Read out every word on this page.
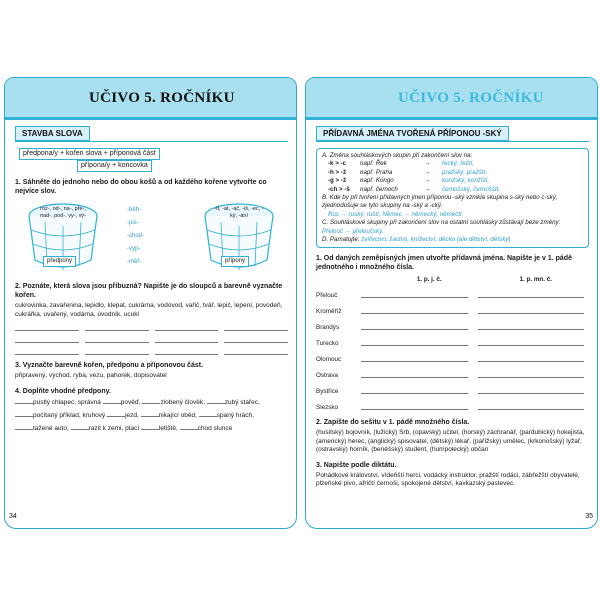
UČIVO 5. ROČNÍKU
STAVBA SLOVA
předpona/y + kořen slova + příponová část
přípona/y + koncovka
1. Sáhněte do jednoho nebo do obou košů a od každého kořene vytvořte co nejvíce slov.
roz-, od-, na-, pře-, nad-, pod-, vy-, vý-
předpony
-běh-
-pis-
-chod-
-vyp-
-měř-
-it, -at, -ač, -iš, -ec, -ký, -ání
přípony
2. Poznáte, která slova jsou příbuzná? Napište je do sloupců a barevně vyznačte kořen.
cukrovinka, zavařenina, lepidlo, klepat, cukrárna, vodovod, vařič, tvář, lepič, lepení, povodeň, cukrářka, uvařený, vodárna, úvodník, ucukl
3. Vyznačte barevně kořen, předponu a příponovou část.
připravený, východ, ryba, vezu, pahorek, dopisovatel
4. Doplňte vhodné předpony.
pustlý chlapec, správná	pověď,	zlobený člověk,	zubý stařec,
počítaný příklad, kruhový	jezd,	nikající oběd,	spaný hrách,
tažené auto,	razit k zemi, ptací	letiště,	chod slunce
34
UČIVO 5. ROČNÍKU
PŘÍDAVNÁ JMÉNA TVOŘENÁ PŘÍPONOU -SKÝ
A. Změna souhláskových skupin při zakončení slov na:
-k > -c	např. Řek	→	řecký, řečtí,
-h > -ž	např. Praha	→	pražský, pražští,
-g > -ž	např. Kongo	→	konžský, konžští,
-ch > -š	např. černoch	→	černošský, černošští.
B. Kde by při tvoření přídavných jmen příponou -ský vznikla skupina s-ský nebo c-ský, zjednodušuje se tyto skupiny na -ský a -cký.
Rus → ruský, ruští, Němec → německý, němečtí.
C. Souhláskové skupiny při zakončení slov na ostatní souhlásky zůstávají beze změny: Přelouč → přeloučský.
D. Pamatujte: zvířectvo, žactvo, knížectví, děcko (ale dětství, dětský)
1. Od daných zeměpisných jmen utvořte přídavná jména. Napište je v 1. pádě jednotného i množného čísla.
1. p. j. č.	1. p. mn. č.
Přelouč
Kroměříž
Brandýs
Turecko
Olomouc
Ostrava
Bystřice
Slezsko
2. Zapište do sešitu v 1. pádě množného čísla.
(husitský) bojovník, (lužický) Srb, (opavský) učitel, (horský) záchranář, (pardubický) hokejista, (americký) herec, (anglický) spisovatel, (dětský) lékař, (pařížský) umělec, (krkonošský) lyžař, (ostravský) horník, (beněšský) student, (humpolecký) občan
3. Napište podle diktátu.
Pohádkové království, vídeňští herci, vodácký instruktor, pražští rodáci, zábřežští obyvatelé, plzeňské pivo, afričtí černoši, spokojené dětství, kavkazský pastevec.
35
